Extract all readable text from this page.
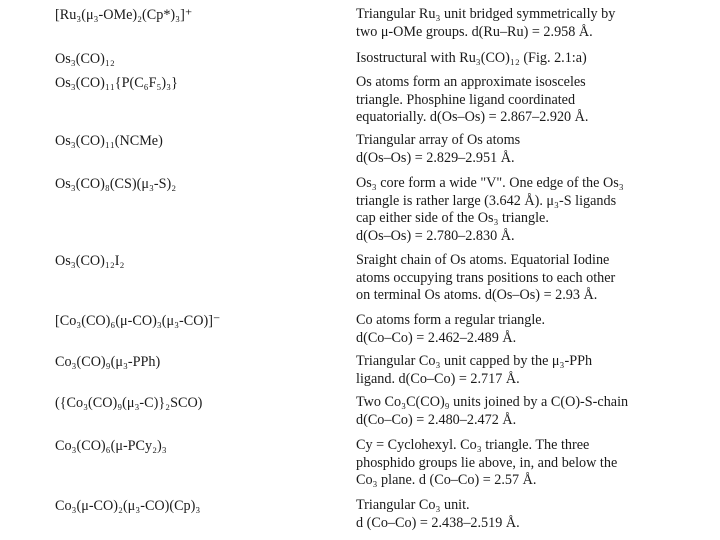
[Ru₃(μ₃-OMe)₂(Cp*)₃]⁺	Triangular Ru₃ unit bridged symmetrically by
two μ-OMe groups. d(Ru–Ru) = 2.958 Å.
Os₃(CO)₁₂	Isostructural with Ru₃(CO)₁₂ (Fig. 2.1:a)
Os₃(CO)₁₁{P(C₆F₅)₃}	Os atoms form an approximate isosceles
triangle. Phosphine ligand coordinated
equatorially. d(Os–Os) = 2.867–2.920 Å.
Os₃(CO)₁₁(NCMe)	Triangular array of Os atoms
d(Os–Os) = 2.829–2.951 Å.
Os₃(CO)₈(CS)(μ₃-S)₂	Os₃ core form a wide "V". One edge of the Os₃
triangle is rather large (3.642 Å). μ₃-S ligands
cap either side of the Os₃ triangle.
d(Os–Os) = 2.780–2.830 Å.
Os₃(CO)₁₂I₂	Sraight chain of Os atoms. Equatorial Iodine
atoms occupying trans positions to each other
on terminal Os atoms. d(Os–Os) = 2.93 Å.
[Co₃(CO)₆(μ-CO)₃(μ₃-CO)]⁻	Co atoms form a regular triangle.
d(Co–Co) = 2.462–2.489 Å.
Co₃(CO)₉(μ₃-PPh)	Triangular Co₃ unit capped by the μ₃-PPh
ligand. d(Co–Co) = 2.717 Å.
({Co₃(CO)₉(μ₃-C)}₂SCO)	Two Co₃C(CO)₉ units joined by a C(O)-S-chain
d(Co–Co) = 2.480–2.472 Å.
Co₃(CO)₆(μ-PCy₂)₃	Cy = Cyclohexyl. Co₃ triangle. The three
phosphido groups lie above, in, and below the
Co₃ plane. d (Co–Co) = 2.57 Å.
Co₃(μ-CO)₂(μ₃-CO)(Cp)₃	Triangular Co₃ unit.
d (Co–Co) = 2.438–2.519 Å.
